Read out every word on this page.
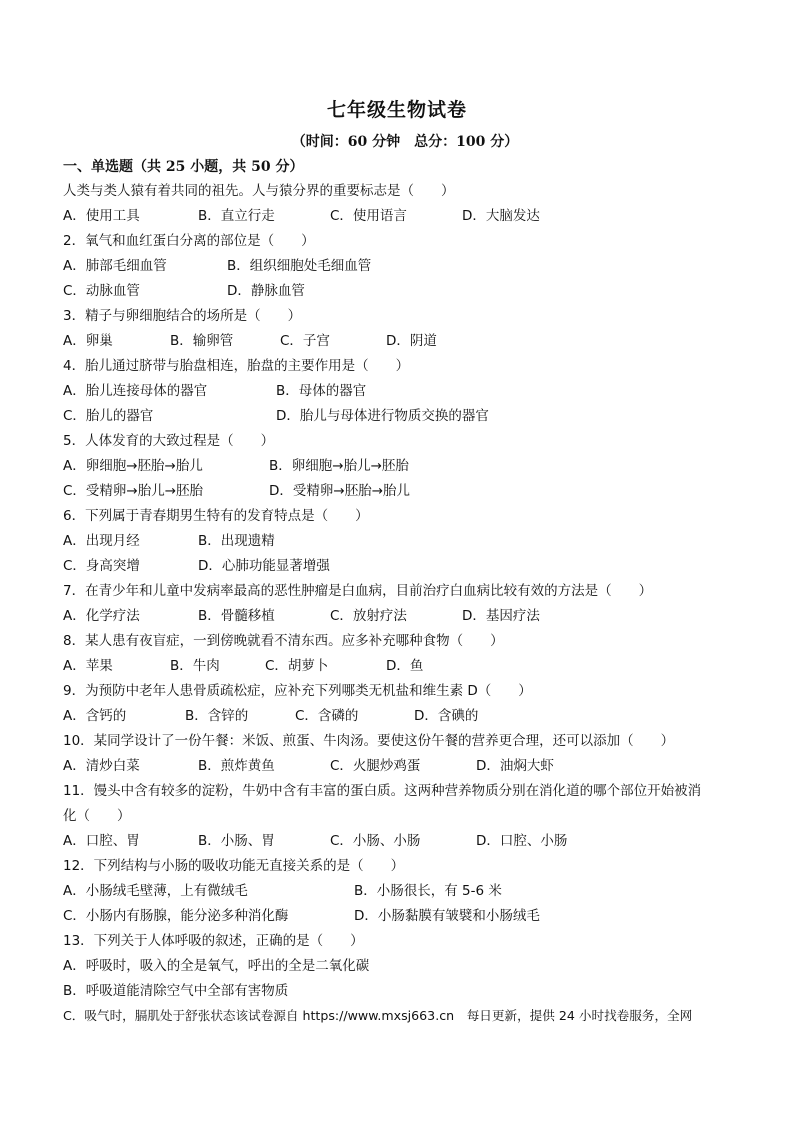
七年级生物试卷
（时间：60 分钟　总分：100 分）
一、单选题（共 25 小题，共 50 分）
人类与类人猿有着共同的祖先。人与猿分界的重要标志是（　　）
A．使用工具	B．直立行走	C．使用语言	D．大脑发达
2．氧气和血红蛋白分离的部位是（　　）
A．肺部毛细血管	B．组织细胞处毛细血管
C．动脉血管	D．静脉血管
3．精子与卵细胞结合的场所是（　　）
A．卵巢	B．输卵管	C．子宫	D．阴道
4．胎儿通过脐带与胎盘相连，胎盘的主要作用是（　　）
A．胎儿连接母体的器官	B．母体的器官
C．胎儿的器官	D．胎儿与母体进行物质交换的器官
5．人体发育的大致过程是（　　）
A．卵细胞→胚胎→胎儿	B．卵细胞→胎儿→胚胎
C．受精卵→胎儿→胚胎	D．受精卵→胚胎→胎儿
6．下列属于青春期男生特有的发育特点是（　　）
A．出现月经	B．出现遗精
C．身高突增	D．心肺功能显著增强
7．在青少年和儿童中发病率最高的恶性肿瘤是白血病，目前治疗白血病比较有效的方法是（　　）
A．化学疗法	B．骨髓移植	C．放射疗法	D．基因疗法
8．某人患有夜盲症，一到傍晚就看不清东西。应多补充哪种食物（　　）
A．苹果	B．牛肉	C．胡萝卜	D．鱼
9．为预防中老年人患骨质疏松症，应补充下列哪类无机盐和维生素 D（　　）
A．含钙的	B．含锌的	C．含磷的	D．含碘的
10．某同学设计了一份午餐：米饭、煎蛋、牛肉汤。要使这份午餐的营养更合理，还可以添加（　　）
A．清炒白菜	B．煎炸黄鱼	C．火腿炒鸡蛋	D．油焖大虾
11．馒头中含有较多的淀粉，牛奶中含有丰富的蛋白质。这两种营养物质分别在消化道的哪个部位开始被消
化（　　）
A．口腔、胃	B．小肠、胃	C．小肠、小肠	D．口腔、小肠
12．下列结构与小肠的吸收功能无直接关系的是（　　）
A．小肠绒毛壁薄，上有微绒毛	B．小肠很长，有 5-6 米
C．小肠内有肠腺，能分泌多种消化酶	D．小肠黏膜有皱襞和小肠绒毛
13．下列关于人体呼吸的叙述，正确的是（　　）
A．呼吸时，吸入的全是氧气，呼出的全是二氧化碳
B．呼吸道能清除空气中全部有害物质
C．吸气时，膈肌处于舒张状态该试卷源自 https://www.mxsj663.cn　每日更新，提供 24 小时找卷服务，全网
